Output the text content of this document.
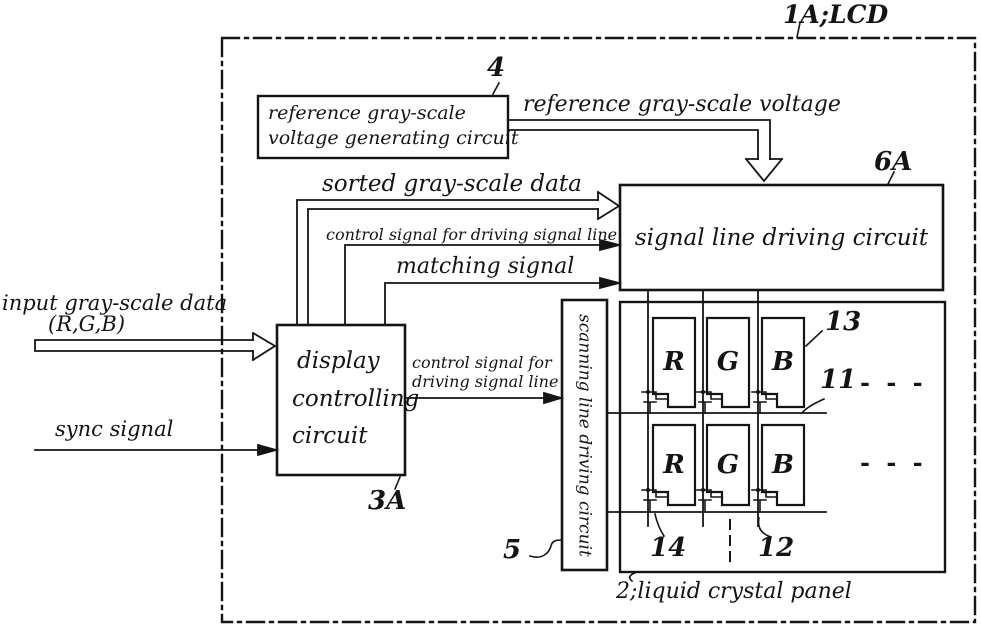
1A;LCD
4
reference gray-scale
voltage generating circuit
reference gray-scale voltage
6A
signal line driving circuit
sorted gray-scale data
control signal for driving signal line
matching signal
input gray-scale data
(R,G,B)
sync signal
display
controlling
circuit
3A
control signal for
driving signal line scanning line driving circuit
5
R	G	B
R	G	B
13
11 - - -
- - -
14	12
2;liquid crystal panel
